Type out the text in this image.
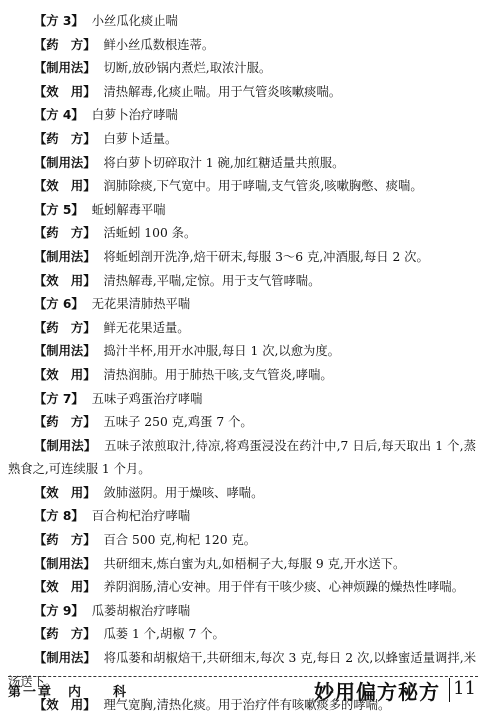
【方 3】 小丝瓜化痰止喘
【药　方】 鲜小丝瓜数根连蒂。
【制用法】 切断,放砂锅内煮烂,取浓汁服。
【效　用】 清热解毒,化痰止喘。用于气管炎咳嗽痰喘。
【方 4】 白萝卜治疗哮喘
【药　方】 白萝卜适量。
【制用法】 将白萝卜切碎取汁 1 碗,加红糖适量共煎服。
【效　用】 润肺除痰,下气宽中。用于哮喘,支气管炎,咳嗽胸憋、痰喘。
【方 5】 蚯蚓解毒平喘
【药　方】 活蚯蚓 100 条。
【制用法】 将蚯蚓剖开洗净,焙干研末,每服 3～6 克,冲酒服,每日 2 次。
【效　用】 清热解毒,平喘,定惊。用于支气管哮喘。
【方 6】 无花果清肺热平喘
【药　方】 鲜无花果适量。
【制用法】 捣汁半杯,用开水冲服,每日 1 次,以愈为度。
【效　用】 清热润肺。用于肺热干咳,支气管炎,哮喘。
【方 7】 五味子鸡蛋治疗哮喘
【药　方】 五味子 250 克,鸡蛋 7 个。
【制用法】 五味子浓煎取汁,待凉,将鸡蛋浸没在药汁中,7 日后,每天取出 1 个,蒸熟食之,可连续服 1 个月。
【效　用】 敛肺滋阴。用于燥咳、哮喘。
【方 8】 百合枸杞治疗哮喘
【药　方】 百合 500 克,枸杞 120 克。
【制用法】 共研细末,炼白蜜为丸,如梧桐子大,每服 9 克,开水送下。
【效　用】 养阴润肠,清心安神。用于伴有干咳少痰、心神烦躁的燥热性哮喘。
【方 9】 瓜蒌胡椒治疗哮喘
【药　方】 瓜蒌 1 个,胡椒 7 个。
【制用法】 将瓜蒌和胡椒焙干,共研细末,每次 3 克,每日 2 次,以蜂蜜适量调拌,米汤送下。
【效　用】 理气宽胸,清热化痰。用于治疗伴有咳嗽痰多的哮喘。
第一章　内　　科	妙用偏方秘方 11
